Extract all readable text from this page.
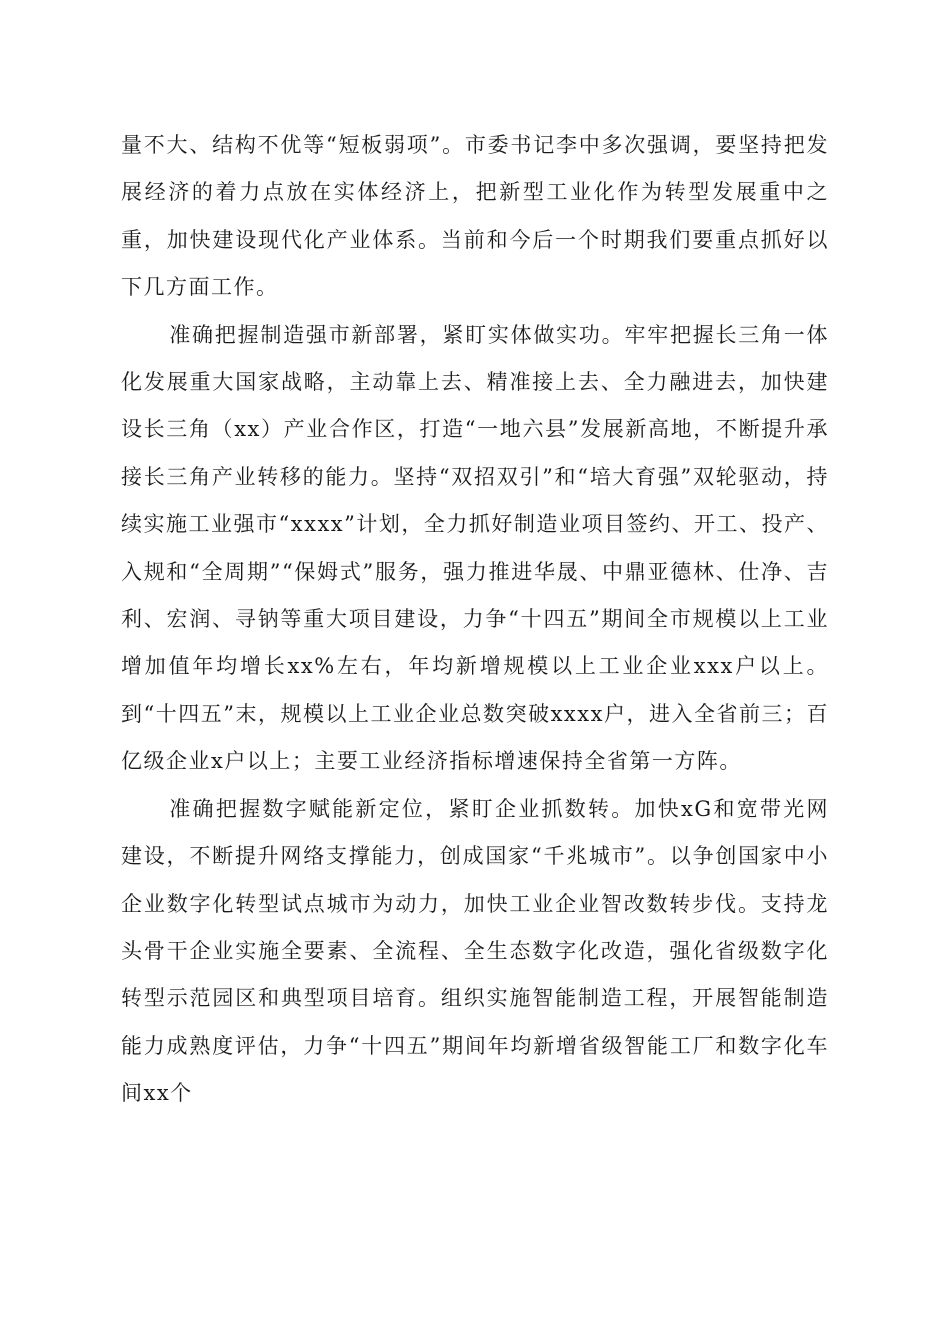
量不大、结构不优等“短板弱项”。市委书记李中多次强调，要坚持把发展经济的着力点放在实体经济上，把新型工业化作为转型发展重中之重，加快建设现代化产业体系。当前和今后一个时期我们要重点抓好以下几方面工作。

准确把握制造强市新部署，紧盯实体做实功。牢牢把握长三角一体化发展重大国家战略，主动靠上去、精准接上去、全力融进去，加快建设长三角（xx）产业合作区，打造“一地六县”发展新高地，不断提升承接长三角产业转移的能力。坚持“双招双引”和“培大育强”双轮驱动，持续实施工业强市“xxxx”计划，全力抓好制造业项目签约、开工、投产、入规和“全周期”“保姆式”服务，强力推进华晟、中鼎亚德林、仕净、吉利、宏润、寻钠等重大项目建设，力争“十四五”期间全市规模以上工业增加值年均增长xx%左右，年均新增规模以上工业企业xxx户以上。到“十四五”末，规模以上工业企业总数突破xxxx户，进入全省前三；百亿级企业x户以上；主要工业经济指标增速保持全省第一方阵。

准确把握数字赋能新定位，紧盯企业抓数转。加快xG和宽带光网建设，不断提升网络支撑能力，创成国家“千兆城市”。以争创国家中小企业数字化转型试点城市为动力，加快工业企业智改数转步伐。支持龙头骨干企业实施全要素、全流程、全生态数字化改造，强化省级数字化转型示范园区和典型项目培育。组织实施智能制造工程，开展智能制造能力成熟度评估，力争“十四五”期间年均新增省级智能工厂和数字化车间xx个
